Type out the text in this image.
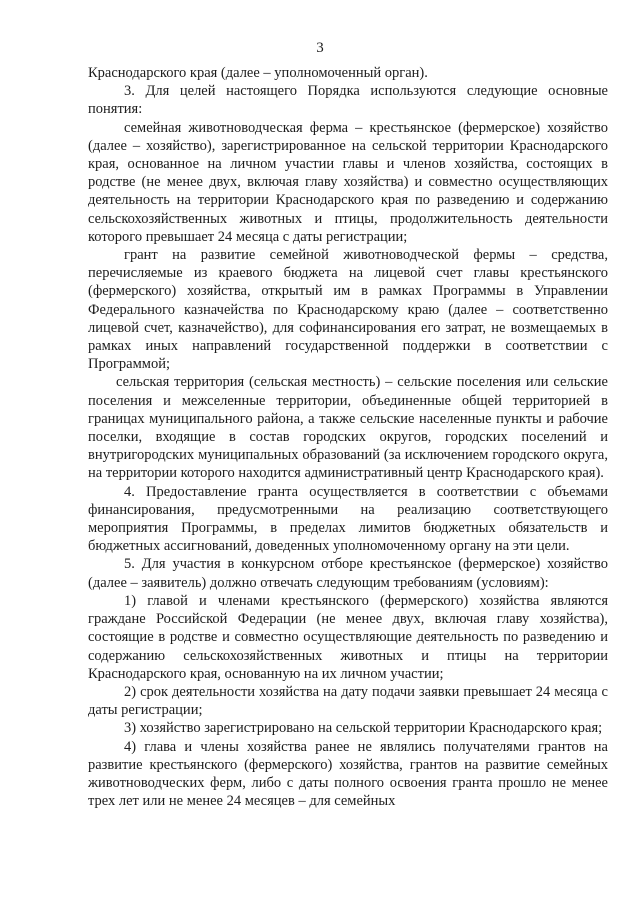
3

Краснодарского края (далее – уполномоченный орган).

3. Для целей настоящего Порядка используются следующие основные понятия:

семейная животноводческая ферма – крестьянское (фермерское) хозяйство (далее – хозяйство), зарегистрированное на сельской территории Краснодарского края, основанное на личном участии главы и членов хозяйства, состоящих в родстве (не менее двух, включая главу хозяйства) и совместно осуществляющих деятельность на территории Краснодарского края по разведению и содержанию сельскохозяйственных животных и птицы, продолжительность деятельности которого превышает 24 месяца с даты регистрации;

грант на развитие семейной животноводческой фермы – средства, перечисляемые из краевого бюджета на лицевой счет главы крестьянского (фермерского) хозяйства, открытый им в рамках Программы в Управлении Федерального казначейства по Краснодарскому краю (далее – соответственно лицевой счет, казначейство), для софинансирования его затрат, не возмещаемых в рамках иных направлений государственной поддержки в соответствии с Программой;

сельская территория (сельская местность) – сельские поселения или сельские поселения и межселенные территории, объединенные общей территорией в границах муниципального района, а также сельские населенные пункты и рабочие поселки, входящие в состав городских округов, городских поселений и внутригородских муниципальных образований (за исключением городского округа, на территории которого находится административный центр Краснодарского края).

4. Предоставление гранта осуществляется в соответствии с объемами финансирования, предусмотренными на реализацию соответствующего мероприятия Программы, в пределах лимитов бюджетных обязательств и бюджетных ассигнований, доведенных уполномоченному органу на эти цели.

5. Для участия в конкурсном отборе крестьянское (фермерское) хозяйство (далее – заявитель) должно отвечать следующим требованиям (условиям):

1) главой и членами крестьянского (фермерского) хозяйства являются граждане Российской Федерации (не менее двух, включая главу хозяйства), состоящие в родстве и совместно осуществляющие деятельность по разведению и содержанию сельскохозяйственных животных и птицы на территории Краснодарского края, основанную на их личном участии;

2) срок деятельности хозяйства на дату подачи заявки превышает 24 месяца с даты регистрации;

3) хозяйство зарегистрировано на сельской территории Краснодарского края;

4) глава и члены хозяйства ранее не являлись получателями грантов на развитие крестьянского (фермерского) хозяйства, грантов на развитие семейных животноводческих ферм, либо с даты полного освоения гранта прошло не менее трех лет или не менее 24 месяцев – для семейных
